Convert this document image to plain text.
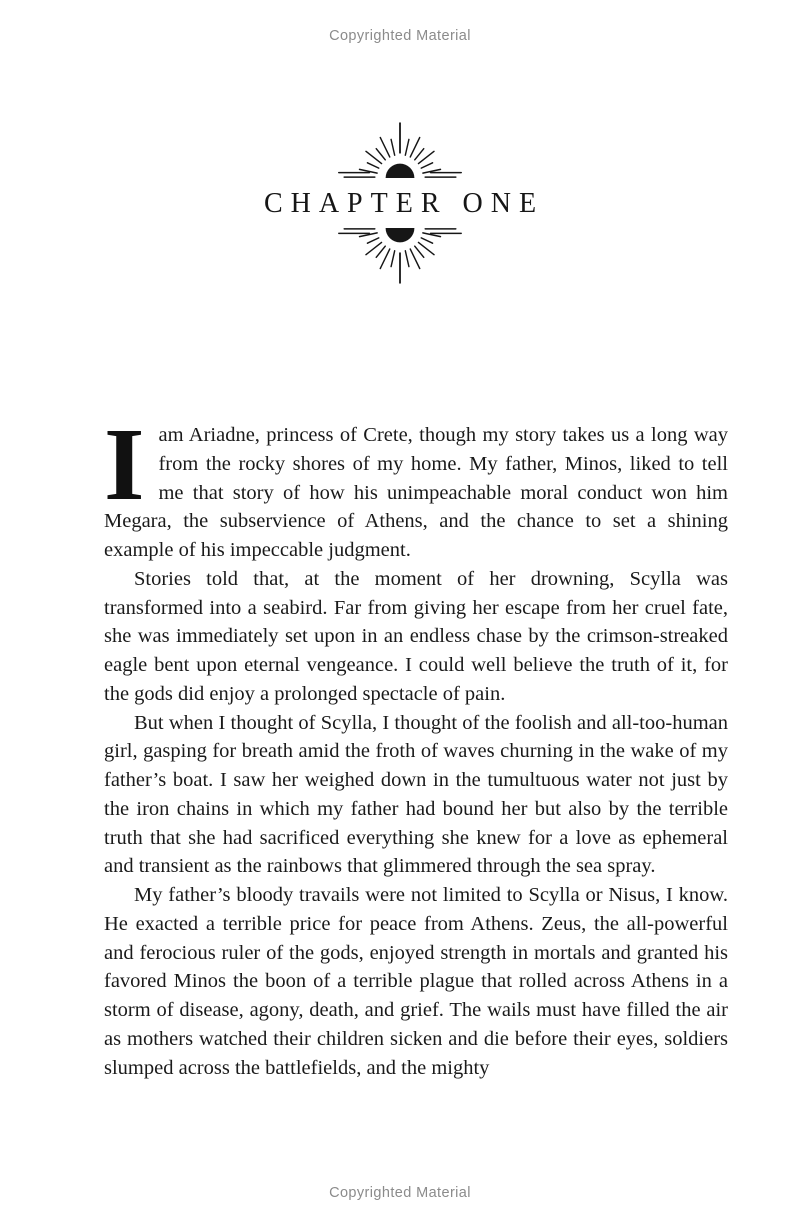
Copyrighted Material
CHAPTER ONE

Iam Ariadne, princess of Crete, though my story takes us a long way from the rocky shores of my home. My father, Minos, liked to tell me that story of how his unimpeachable moral conduct won him Megara, the subservience of Athens, and the chance to set a shining example of his impeccable judgment.

Stories told that, at the moment of her drowning, Scylla was transformed into a seabird. Far from giving her escape from her cruel fate, she was immediately set upon in an endless chase by the crimson-streaked eagle bent upon eternal vengeance. I could well believe the truth of it, for the gods did enjoy a prolonged spectacle of pain.

But when I thought of Scylla, I thought of the foolish and all-too-human girl, gasping for breath amid the froth of waves churning in the wake of my father’s boat. I saw her weighed down in the tumultuous water not just by the iron chains in which my father had bound her but also by the terrible truth that she had sacrificed everything she knew for a love as ephemeral and transient as the rainbows that glimmered through the sea spray.

My father’s bloody travails were not limited to Scylla or Nisus, I know. He exacted a terrible price for peace from Athens. Zeus, the all-powerful and ferocious ruler of the gods, enjoyed strength in mortals and granted his favored Minos the boon of a terrible plague that rolled across Athens in a storm of disease, agony, death, and grief. The wails must have filled the air as mothers watched their children sicken and die before their eyes, soldiers slumped across the battlefields, and the mighty

Copyrighted Material
